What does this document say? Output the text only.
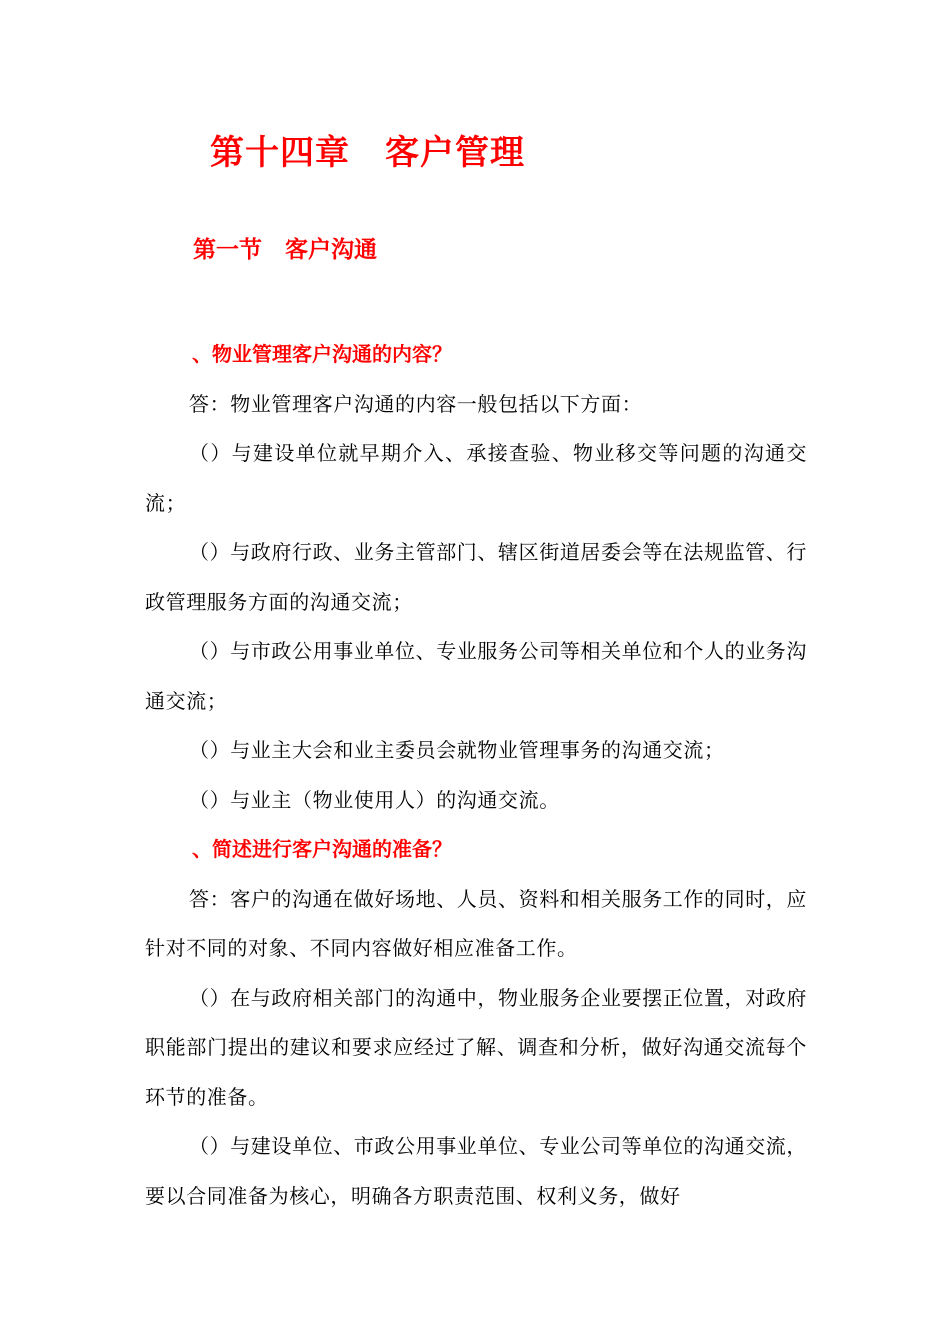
第十四章　客户管理
第一节　客户沟通

、物业管理客户沟通的内容？

答：物业管理客户沟通的内容一般包括以下方面：

（）与建设单位就早期介入、承接查验、物业移交等问题的沟通交流；

（）与政府行政、业务主管部门、辖区街道居委会等在法规监管、行政管理服务方面的沟通交流；

（）与市政公用事业单位、专业服务公司等相关单位和个人的业务沟通交流；

（）与业主大会和业主委员会就物业管理事务的沟通交流；

（）与业主（物业使用人）的沟通交流。

、简述进行客户沟通的准备？

答：客户的沟通在做好场地、人员、资料和相关服务工作的同时，应针对不同的对象、不同内容做好相应准备工作。

（）在与政府相关部门的沟通中，物业服务企业要摆正位置，对政府职能部门提出的建议和要求应经过了解、调查和分析，做好沟通交流每个环节的准备。

（）与建设单位、市政公用事业单位、专业公司等单位的沟通交流，要以合同准备为核心，明确各方职责范围、权利义务，做好
